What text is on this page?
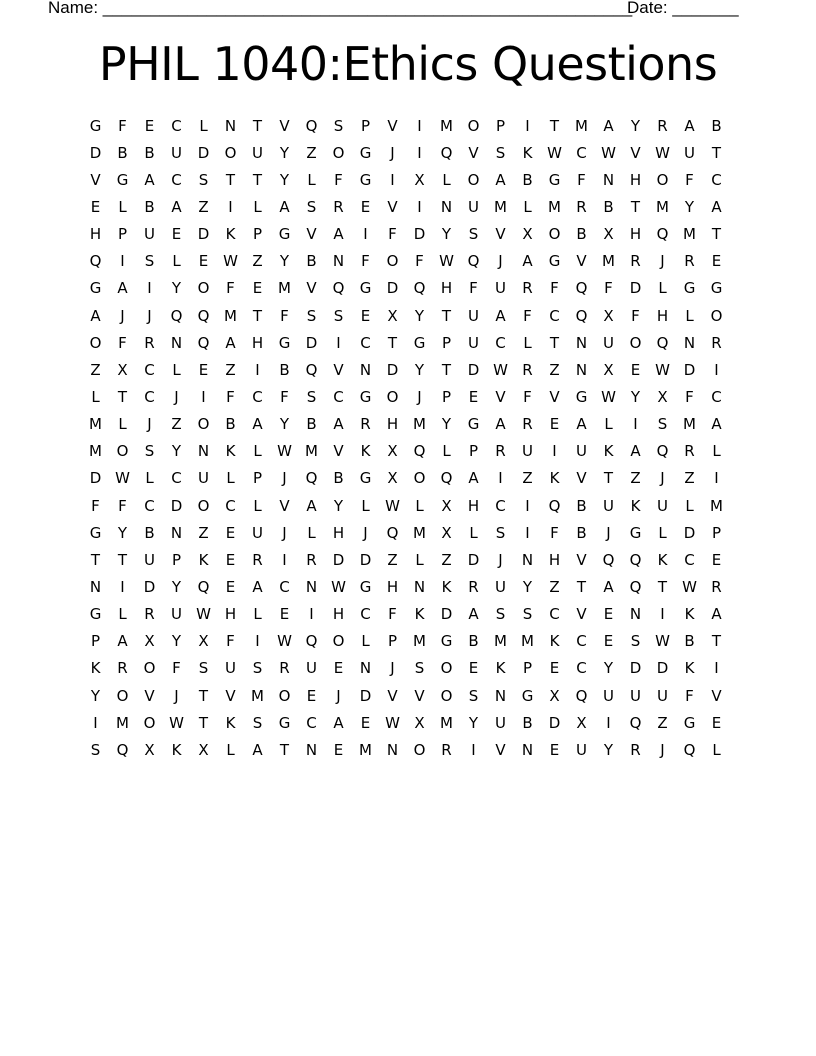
Name: ________________________________________________________
Date: _______
PHIL 1040:Ethics Questions
G	F	E	C	L	N	T	V	Q	S	P	V	I	M O	P	I	T	M	A	Y	R	A	B
D	B	B	U	D	O	U	Y	Z	O	G	J	I	Q	V	S	K W C W V W U	T
V	G	A	C	S	T	T	Y	L	F	G	I	X	L	O	A	B	G	F	N	H	O	F	C
E	L	B	A	Z	I	L	A	S	R	E	V	I	N	U	M	L	M	R	B	T	M	Y	A
H	P	U	E	D	K	P	G	V	A	I	F	D	Y	S	V	X	O	B	X	H	Q M	T
Q	I	S	L	E W Z	Y	B	N	F	O	F	W Q	J	A	G	V	M	R	J	R	E
G	A	I	Y	O	F	E	M	V	Q	G	D	Q	H	F	U	R	F	Q	F	D	L	G	G
A	J	J	Q	Q M	T	F	S	S	E	X	Y	T	U	A	F	C	Q	X	F	H	L	O
O	F	R	N	Q	A	H	G	D	I	C	T	G	P	U	C	L	T	N	U	O	Q	N	R
Z	X	C	L	E	Z	I	B	Q	V	N	D	Y	T	D W R	Z	N	X	E W D	I
L	T	C	J	I	F	C	F	S	C	G	O	J	P	E	V	F	V	G W Y	X	F	C
M	L	J	Z	O	B	A	Y	B	A	R	H M	Y	G	A	R	E	A	L	I	S	M	A
M O	S	Y	N	K	L	W M	V	K	X	Q	L	P	R	U	I	U	K	A	Q	R	L
D W	L	C	U	L	P	J	Q	B	G	X	O	Q	A	I	Z	K	V	T	Z	J	Z	I
F	F	C	D	O	C	L	V	A	Y	L	W	L	X	H	C	I	Q	B	U	K	U	L	M
G	Y	B	N	Z	E	U	J	L	H	J	Q M	X	L	S	I	F	B	J	G	L	D	P
T	T	U	P	K	E	R	I	R	D	D	Z	L	Z	D	J	N	H	V	Q	Q	K	C	E
N	I	D	Y	Q	E	A	C	N W G	H	N	K	R	U	Y	Z	T	A	Q	T	W R
G	L	R	U W H	L	E	I	H	C	F	K	D	A	S	S	C	V	E	N	I	K	A
P	A	X	Y	X	F	I	W Q	O	L	P	M G	B	M M	K	C	E	S W B	T
K	R	O	F	S	U	S	R	U	E	N	J	S	O	E	K	P	E	C	Y	D	D	K	I
Y	O	V	J	T	V	M O	E	J	D	V	V	O	S	N	G	X	Q	U	U	U	F	V
I	M O W T	K	S	G	C	A	E W X	M	Y	U	B	D	X	I	Q	Z	G	E
S	Q	X	K	X	L	A	T	N	E	M N	O	R	I	V	N	E	U	Y	R	J	Q	L
